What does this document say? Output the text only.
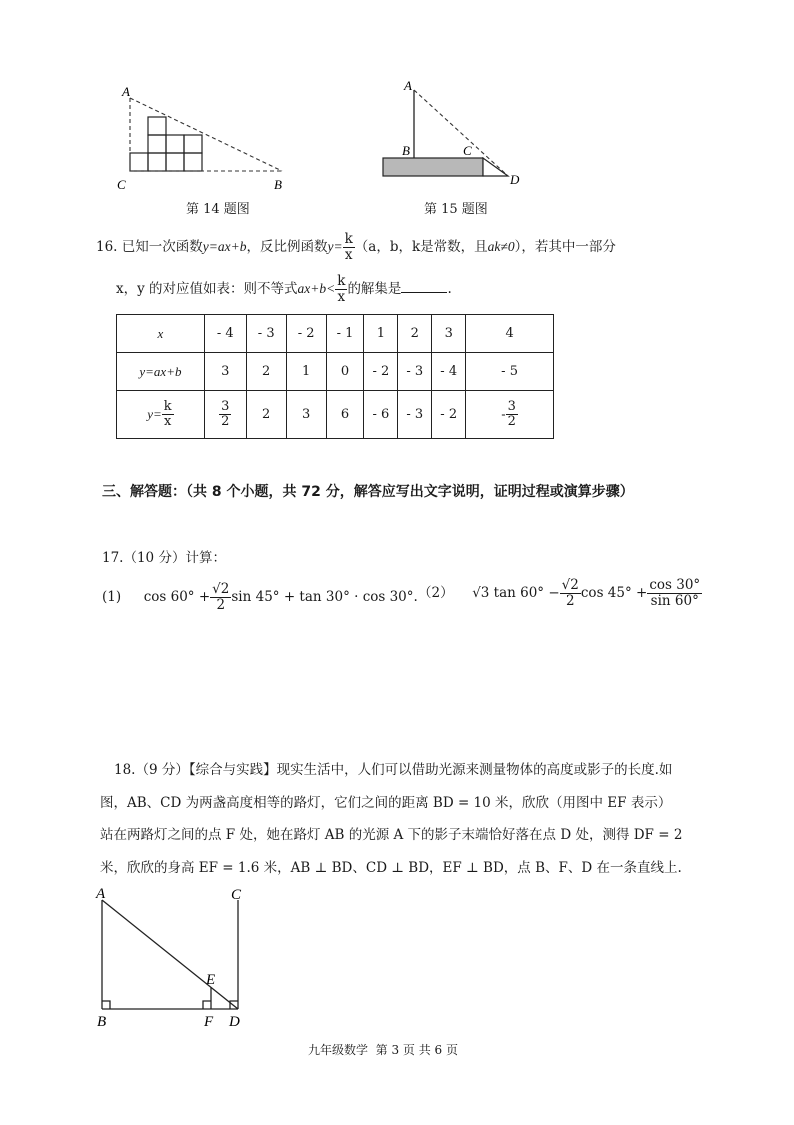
A
C	B
第 14 题图
A
B	C
D
第 15 题图
16. 已知一次函数y=ax+b，反比例函数$y= \frac{k}{x} (a$，b，k是常数，且ak≠0），若其中一部分
x，y 的对应值如表：则不等式$ax+b< \frac{k}{x}$ 的解集是	.
x	- 4	- 3	- 2	- 1	1	2	3	4
y=ax+b	3	2	1	0	- 2	- 3	- 4	- 5
$y= \frac{k}{x}$	$\frac{3}{2}$	2	3	6	- 6	- 3	- 2	- $\frac{3}{2}$
三、解答题：（共 8 个小题，共 72 分，解答应写出文字说明，证明过程或演算步骤）
17.（10 分）计算：
(1) $\cos 60^\circ + \frac{√2}{2}$ sin 45° + tan 30° · cos 30°. （2） √3 $\tan 60^\circ - \frac{√2}{2}$ $\cos 45^\circ + \frac{\cos 30^\circ}{\sin 60^\circ}$
18.（9 分）【综合与实践】现实生活中，人们可以借助光源来测量物体的高度或影子的长度.如
图，AB、CD 为两盏高度相等的路灯，它们之间的距离 BD = 10 米，欣欣（用图中 EF 表示）
站在两路灯之间的点 F 处，她在路灯 AB 的光源 A 下的影子末端恰好落在点 D 处，测得 DF = 2
米，欣欣的身高 EF = 1.6 米，AB ⊥ BD、CD ⊥ BD，EF ⊥ BD，点 B、F、D 在一条直线上.
A	C
E
B	F D
九年级数学  第 3 页 共 6 页
